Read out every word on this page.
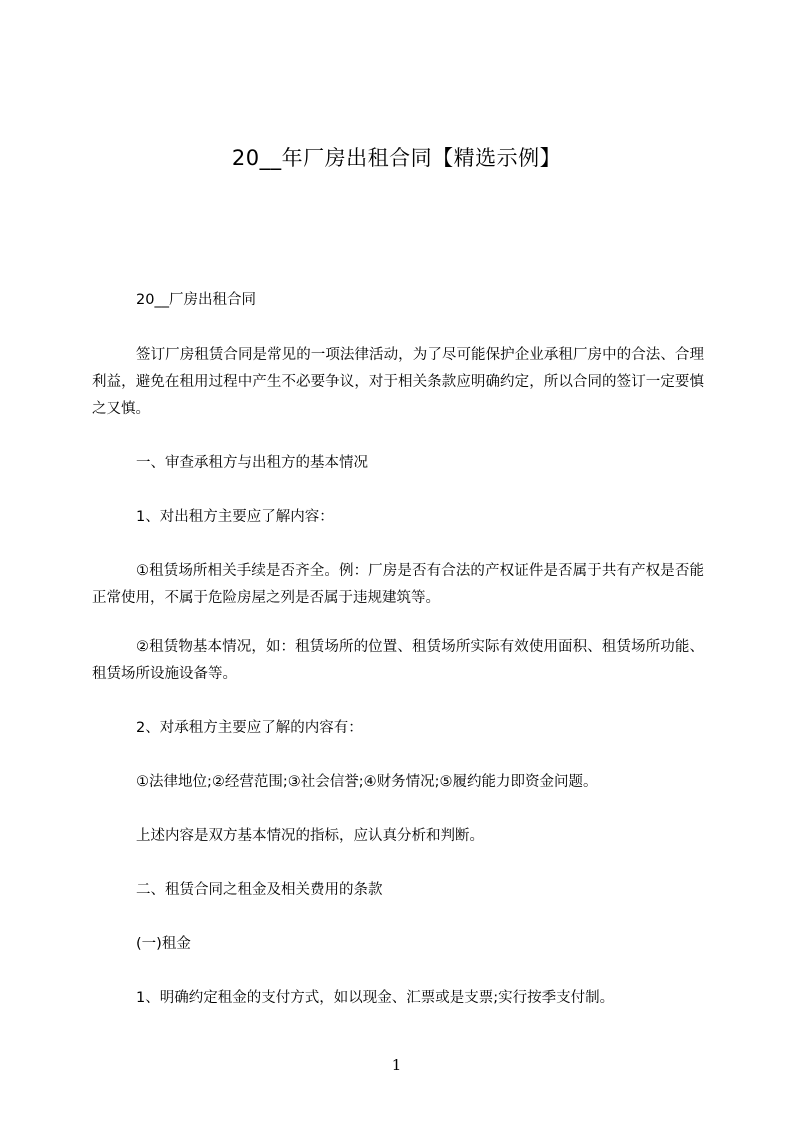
20__年厂房出租合同【精选示例】

20__厂房出租合同

签订厂房租赁合同是常见的一项法律活动，为了尽可能保护企业承租厂房中的合法、合理利益，避免在租用过程中产生不必要争议，对于相关条款应明确约定，所以合同的签订一定要慎之又慎。

一、审查承租方与出租方的基本情况

1、对出租方主要应了解内容：

①租赁场所相关手续是否齐全。例：厂房是否有合法的产权证件是否属于共有产权是否能正常使用，不属于危险房屋之列是否属于违规建筑等。

②租赁物基本情况，如：租赁场所的位置、租赁场所实际有效使用面积、租赁场所功能、租赁场所设施设备等。

2、对承租方主要应了解的内容有：

①法律地位;②经营范围;③社会信誉;④财务情况;⑤履约能力即资金问题。

上述内容是双方基本情况的指标，应认真分析和判断。

二、租赁合同之租金及相关费用的条款

(一)租金

1、明确约定租金的支付方式，如以现金、汇票或是支票;实行按季支付制。

1
